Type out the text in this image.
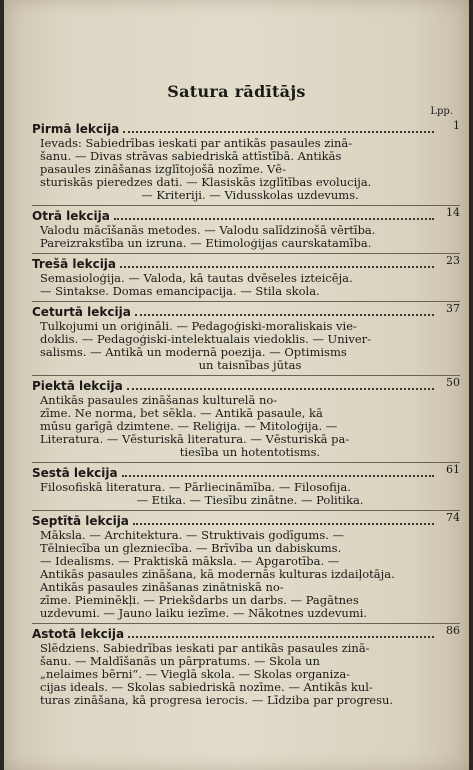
Satura rādītājs
Lpp.
Pirmā lekcija	1
Ievads: Sabiedrības ieskati par antikās pasaules zinā-
šanu. — Divas strāvas sabiedriskā attīstībā. Antikās
pasaules zināšanas izglītojošā nozīme. Vē-
sturiskās pieredzes dati. — Klasiskās izglītības evolucija.
— Kriteriji. — Vidusskolas uzdevums.
Otrā lekcija	14
Valodu mācīšanās metodes. — Valodu salīdzinošā vērtība.
Pareizrakstība un izruna. — Etimoloģijas caurskatamība.
Trešā lekcija	23
Semasioloģija. — Valoda, kā tautas dvēseles izteicēja.
— Sintakse. Domas emancipacija. — Stila skola.
Ceturtā lekcija	37
Tulkojumi un oriģināli. — Pedagoģiski-moraliskais vie-
doklis. — Pedagoģiski-intelektualais viedoklis. — Univer-
salisms. — Antikā un modernā poezija. — Optimisms
un taisnības jūtas
Piektā lekcija	50
Antikās pasaules zināšanas kulturelā no-
zīme. Ne norma, bet sēkla. — Antikā pasaule, kā
mūsu garīgā dzimtene. — Reliģija. — Mitoloģija. —
Literatura. — Vēsturiskā literatura. — Vēsturiskā pa-
tiesība un hotentotisms.
Sestā lekcija	61
Filosofiskā literatura. — Pārliecināmība. — Filosofija.
— Etika. — Tiesību zinātne. — Politika.
Septītā lekcija	74
Māksla. — Architektura. — Struktivais godīgums. —
Tēlniecība un glezniecība. — Brīvība un dabiskums.
— Idealisms. — Praktiskā māksla. — Apgarotība. —
Antikās pasaules zināšana, kā modernās kulturas izdaiļotāja.
Antikās pasaules zināšanas zinātniskā no-
zīme. Pieminēkļi. — Priekšdarbs un darbs. — Pagātnes
uzdevumi. — Jauno laiku iezīme. — Nākotnes uzdevumi.
Astotā lekcija	86
Slēdziens. Sabiedrības ieskati par antikās pasaules zinā-
šanu. — Maldīšanās un pārpratums. — Skola un
„nelaimes bērni“. — Vieglā skola. — Skolas organiza-
cijas ideals. — Skolas sabiedriskā nozīme. — Antikās kul-
turas zināšana, kā progresa ierocis. — Līdziba par progresu.
